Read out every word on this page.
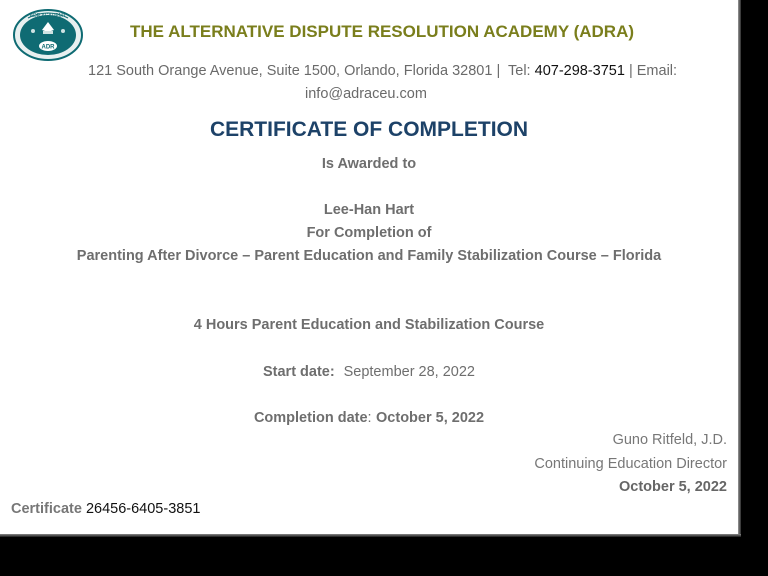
ADR ACADEMY
ADR
THE ALTERNATIVE DISPUTE RESOLUTION ACADEMY (ADRA)
121 South Orange Avenue, Suite 1500, Orlando, Florida 32801 | Tel: 407-298-3751 | Email:
info@adraceu.com
CERTIFICATE OF COMPLETION
Is Awarded to
Lee-Han Hart
For Completion of
Parenting After Divorce – Parent Education and Family Stabilization Course – Florida
4 Hours Parent Education and Stabilization Course
Start date: September 28, 2022
Completion date: October 5, 2022
Guno Ritfeld, J.D.
Continuing Education Director
October 5, 2022
Certificate 26456-6405-3851
